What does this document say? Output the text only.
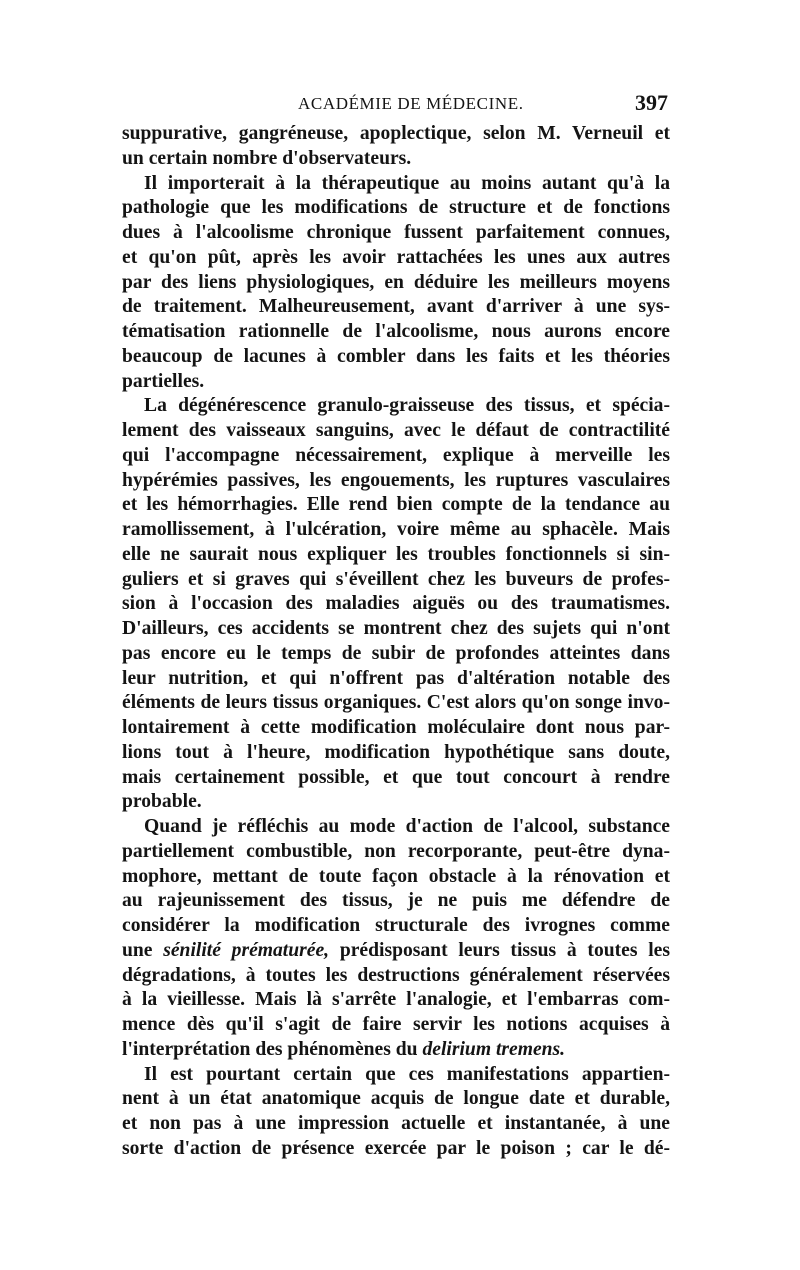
ACADÉMIE DE MÉDECINE.	397
suppurative, gangréneuse, apoplectique, selon M. Verneuil et
un certain nombre d'observateurs.
Il importerait à la thérapeutique au moins autant qu'à la
pathologie que les modifications de structure et de fonctions
dues à l'alcoolisme chronique fussent parfaitement connues,
et qu'on pût, après les avoir rattachées les unes aux autres
par des liens physiologiques, en déduire les meilleurs moyens
de traitement. Malheureusement, avant d'arriver à une sys-
tématisation rationnelle de l'alcoolisme, nous aurons encore
beaucoup de lacunes à combler dans les faits et les théories
partielles.
La dégénérescence granulo-graisseuse des tissus, et spécia-
lement des vaisseaux sanguins, avec le défaut de contractilité
qui l'accompagne nécessairement, explique à merveille les
hypérémies passives, les engouements, les ruptures vasculaires
et les hémorrhagies. Elle rend bien compte de la tendance au
ramollissement, à l'ulcération, voire même au sphacèle. Mais
elle ne saurait nous expliquer les troubles fonctionnels si sin-
guliers et si graves qui s'éveillent chez les buveurs de profes-
sion à l'occasion des maladies aiguës ou des traumatismes.
D'ailleurs, ces accidents se montrent chez des sujets qui n'ont
pas encore eu le temps de subir de profondes atteintes dans
leur nutrition, et qui n'offrent pas d'altération notable des
éléments de leurs tissus organiques. C'est alors qu'on songe invo-
lontairement à cette modification moléculaire dont nous par-
lions tout à l'heure, modification hypothétique sans doute,
mais certainement possible, et que tout concourt à rendre
probable.
Quand je réfléchis au mode d'action de l'alcool, substance
partiellement combustible, non recorporante, peut-être dyna-
mophore, mettant de toute façon obstacle à la rénovation et
au rajeunissement des tissus, je ne puis me défendre de
considérer la modification structurale des ivrognes comme
une sénilité prématurée, prédisposant leurs tissus à toutes les
dégradations, à toutes les destructions généralement réservées
à la vieillesse. Mais là s'arrête l'analogie, et l'embarras com-
mence dès qu'il s'agit de faire servir les notions acquises à
l'interprétation des phénomènes du delirium tremens.
Il est pourtant certain que ces manifestations appartien-
nent à un état anatomique acquis de longue date et durable,
et non pas à une impression actuelle et instantanée, à une
sorte d'action de présence exercée par le poison ; car le dé-
